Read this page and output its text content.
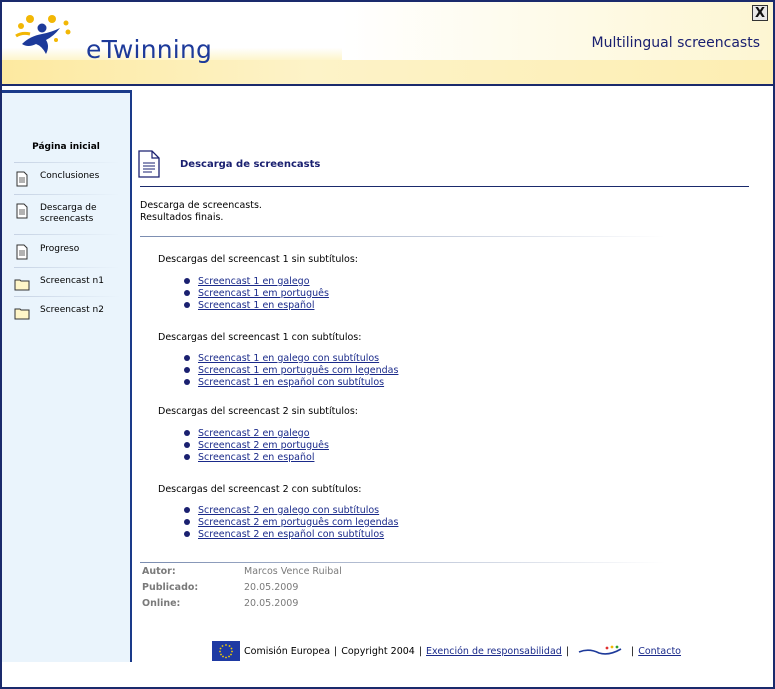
eTwinning	Multilingual screencasts
X
Página inicial
Conclusiones
Descarga de screencasts
Progreso
Screencast n1
Screencast n2
Descarga de screencasts
Descarga de screencasts.
Resultados finais.
Descargas del screencast 1 sin subtítulos:
Screencast 1 en galego
Screencast 1 em português
Screencast 1 en español
Descargas del screencast 1 con subtítulos:
Screencast 1 en galego con subtítulos
Screencast 1 em português com legendas
Screencast 1 en español con subtítulos
Descargas del screencast 2 sin subtítulos:
Screencast 2 en galego
Screencast 2 em português
Screencast 2 en español
Descargas del screencast 2 con subtítulos:
Screencast 2 en galego con subtítulos
Screencast 2 em português com legendas
Screencast 2 en español con subtítulos
Autor:	Marcos Vence Ruibal
Publicado:	20.05.2009
Online:	20.05.2009
Comisión Europea | Copyright 2004 | Exención de responsabilidad |	| Contacto
